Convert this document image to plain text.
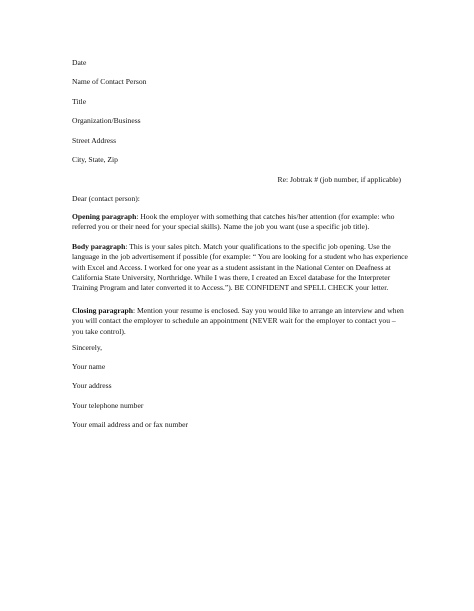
Date
Name of Contact Person
Title
Organization/Business
Street Address
City, State, Zip
Re: Jobtrak # (job number, if applicable)
Dear (contact person):
Opening paragraph: Hook the employer with something that catches his/her attention (for example: who referred you or their need for your special skills). Name the job you want (use a specific job title).
Body paragraph: This is your sales pitch. Match your qualifications to the specific job opening. Use the language in the job advertisement if possible (for example: “ You are looking for a student who has experience with Excel and Access. I worked for one year as a student assistant in the National Center on Deafness at California State University, Northridge. While I was there, I created an Excel database for the Interpreter Training Program and later converted it to Access.”). BE CONFIDENT and SPELL CHECK your letter.
Closing paragraph: Mention your resume is enclosed. Say you would like to arrange an interview and when you will contact the employer to schedule an appointment (NEVER wait for the employer to contact you – you take control).
Sincerely,
Your name
Your address
Your telephone number
Your email address and or fax number
